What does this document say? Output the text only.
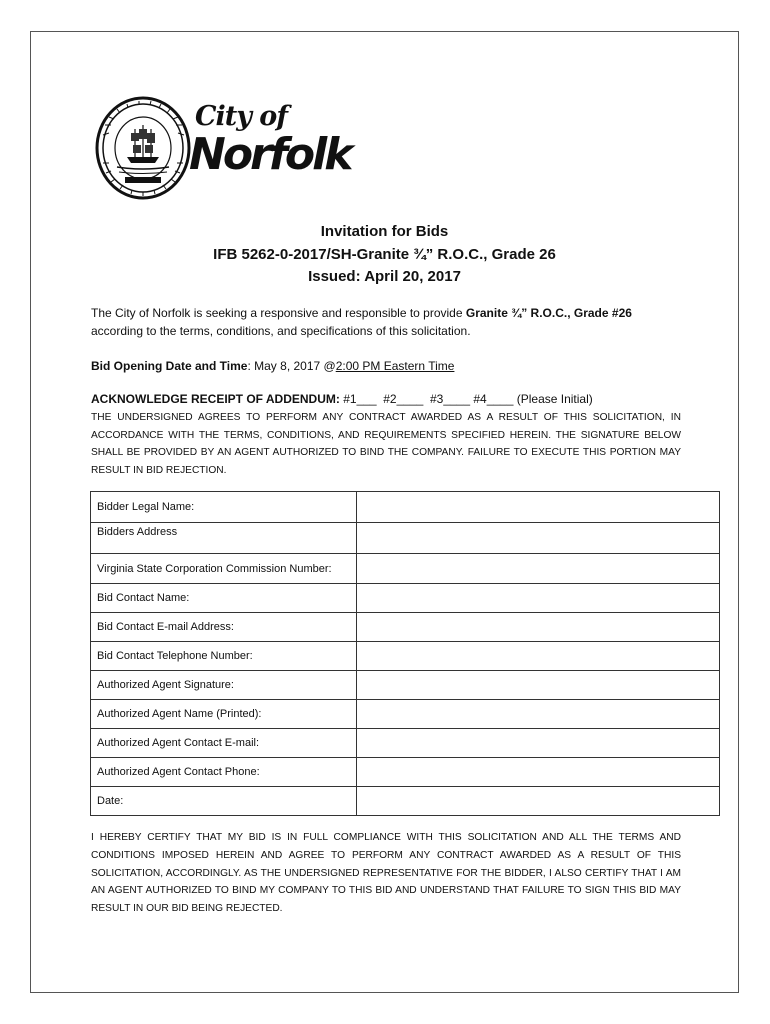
City of
Norfolk
Invitation for Bids
IFB 5262-0-2017/SH-Granite ¾” R.O.C., Grade 26
Issued: April 20, 2017
The City of Norfolk is seeking a responsive and responsible to provide Granite ¾” R.O.C., Grade #26 according to the terms, conditions, and specifications of this solicitation.
Bid Opening Date and Time: May 8, 2017 @2:00 PM Eastern Time
ACKNOWLEDGE RECEIPT OF ADDENDUM: #1___  #2____  #3____ #4____ (Please Initial)
THE UNDERSIGNED AGREES TO PERFORM ANY CONTRACT AWARDED AS A RESULT OF THIS SOLICITATION, IN ACCORDANCE WITH THE TERMS, CONDITIONS, AND REQUIREMENTS SPECIFIED HEREIN. THE SIGNATURE BELOW SHALL BE PROVIDED BY AN AGENT AUTHORIZED TO BIND THE COMPANY. FAILURE TO EXECUTE THIS PORTION MAY RESULT IN BID REJECTION.
Bidder Legal Name:	
Bidders Address	
Virginia State Corporation Commission Number:	
Bid Contact Name:	
Bid Contact E-mail Address:	
Bid Contact Telephone Number:	
Authorized Agent Signature:	
Authorized Agent Name (Printed):	
Authorized Agent Contact E-mail:	
Authorized Agent Contact Phone:	
Date:	
I HEREBY CERTIFY THAT MY BID IS IN FULL COMPLIANCE WITH THIS SOLICITATION AND ALL THE TERMS AND CONDITIONS IMPOSED HEREIN AND AGREE TO PERFORM ANY CONTRACT AWARDED AS A RESULT OF THIS SOLICITATION, ACCORDINGLY. AS THE UNDERSIGNED REPRESENTATIVE FOR THE BIDDER, I ALSO CERTIFY THAT I AM AN AGENT AUTHORIZED TO BIND MY COMPANY TO THIS BID AND UNDERSTAND THAT FAILURE TO SIGN THIS BID MAY RESULT IN OUR BID BEING REJECTED.
